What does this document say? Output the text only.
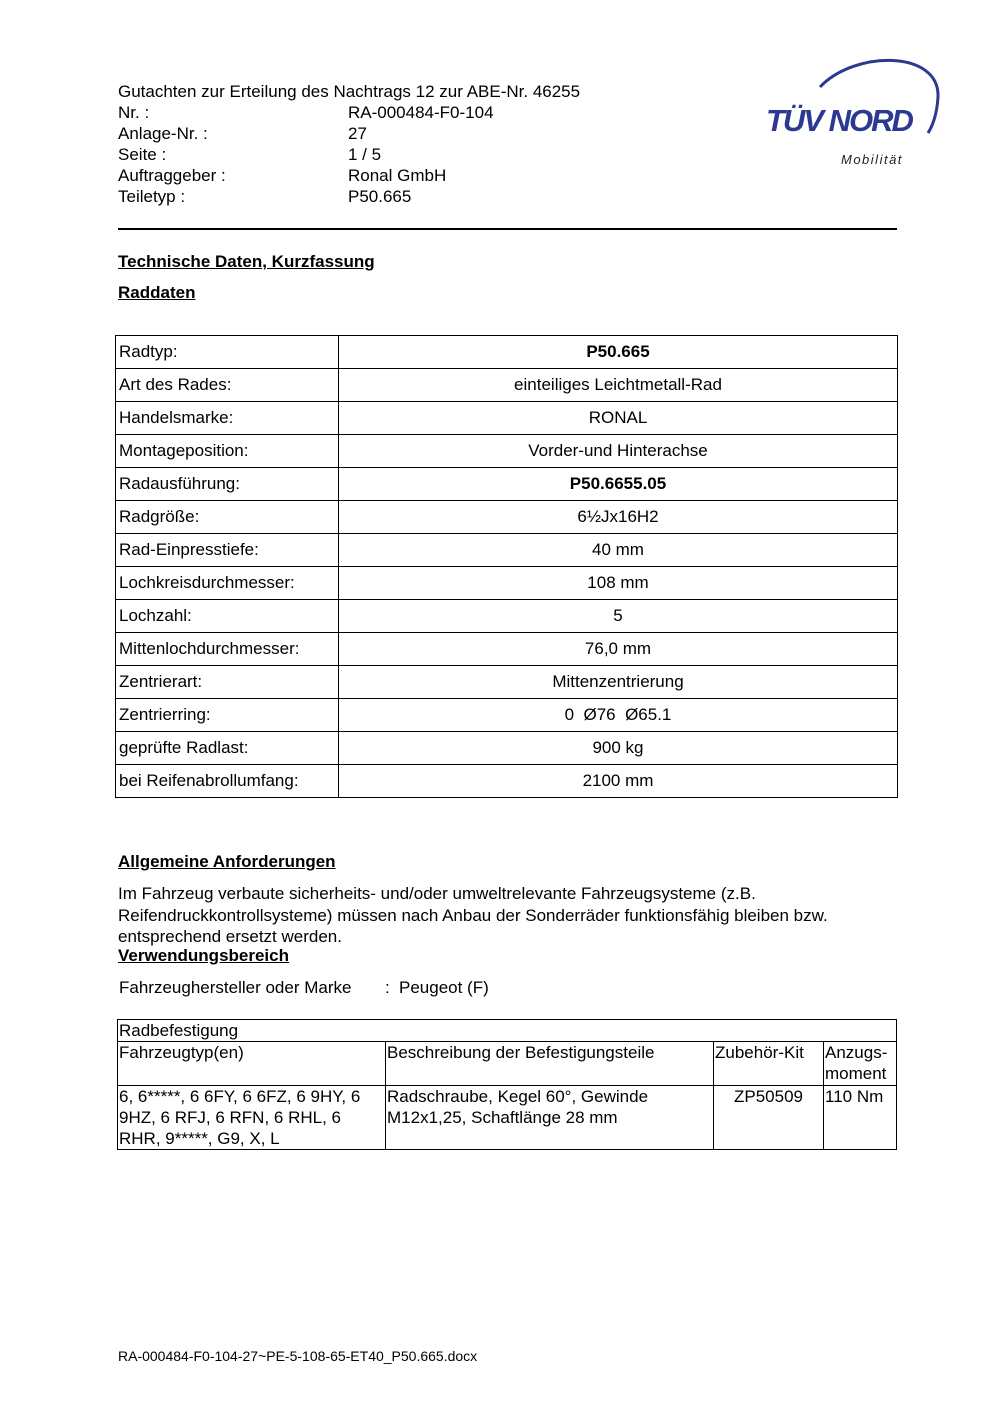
Gutachten zur Erteilung des Nachtrags 12 zur ABE-Nr. 46255
Nr. :	RA-000484-F0-104
Anlage-Nr. :	27
Seite :	1 / 5
Auftraggeber :	Ronal GmbH
Teiletyp :	P50.665
TÜV NORD
Mobilität
Technische Daten, Kurzfassung
Raddaten
Radtyp:	P50.665
Art des Rades:	einteiliges Leichtmetall-Rad
Handelsmarke:	RONAL
Montageposition:	Vorder-und Hinterachse
Radausführung:	P50.6655.05
Radgröße:	6½Jx16H2
Rad-Einpresstiefe:	40 mm
Lochkreisdurchmesser:	108 mm
Lochzahl:	5
Mittenlochdurchmesser:	76,0 mm
Zentrierart:	Mittenzentrierung
Zentrierring:	0  Ø76  Ø65.1
geprüfte Radlast:	900 kg
bei Reifenabrollumfang:	2100 mm
Allgemeine Anforderungen
Im Fahrzeug verbaute sicherheits- und/oder umweltrelevante Fahrzeugsysteme (z.B. Reifendruckkontrollsysteme) müssen nach Anbau der Sonderräder funktionsfähig bleiben bzw. entsprechend ersetzt werden.
Verwendungsbereich
Fahrzeughersteller oder Marke : Peugeot (F)
Radbefestigung			
Fahrzeugtyp(en)	Beschreibung der Befestigungsteile	Zubehör-Kit	Anzugs-moment
6, 6*****, 6 6FY, 6 6FZ, 6 9HY, 6 9HZ, 6 RFJ, 6 RFN, 6 RHL, 6 RHR, 9*****, G9, X, L	Radschraube, Kegel 60°, Gewinde M12x1,25, Schaftlänge 28 mm	ZP50509	110 Nm
RA-000484-F0-104-27~PE-5-108-65-ET40_P50.665.docx
